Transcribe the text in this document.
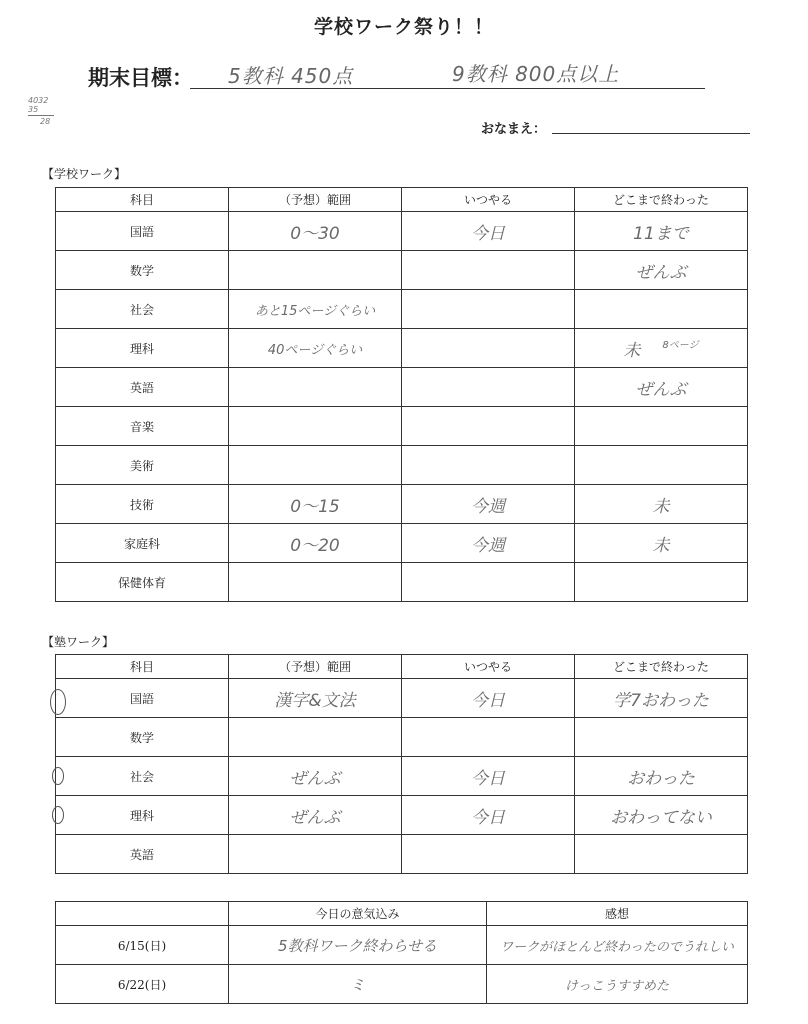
学校ワーク祭り！！
期末目標： 5教科 450点	9教科 800点以上
4032
35
28
おなまえ：
【学校ワーク】
科目	（予想）範囲	いつやる	どこまで終わった
国語	0〜30	今日	11まで
数学			ぜんぶ
社会	あと15ページぐらい		
理科	40ページぐらい		未 $^{8ページ}$
英語			ぜんぶ
音楽			
美術			
技術	0〜15	今週	未
家庭科	0〜20	今週	未
保健体育			
【塾ワーク】
科目	（予想）範囲	いつやる	どこまで終わった
国語	漢字&文法	今日	学7おわった
数学			
社会	ぜんぶ	今日	おわった
理科	ぜんぶ	今日	おわってない
英語			
	今日の意気込み	感想
6/15(日)	5教科ワーク終わらせる	ワークがほとんど終わったのでうれしい
6/22(日)	ミ	けっこうすすめた
